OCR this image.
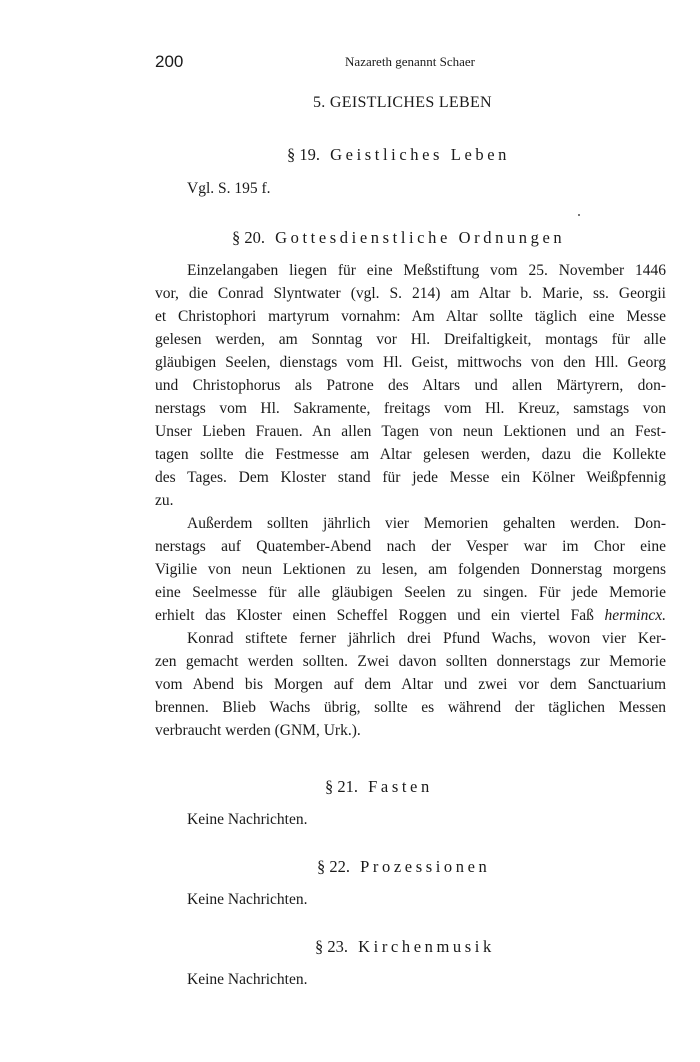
200	Nazareth genannt Schaer
5. GEISTLICHES LEBEN
§ 19. Geistliches Leben
Vgl. S. 195 f.
§ 20. Gottesdienstliche Ordnungen
Einzelangaben liegen für eine Meßstiftung vom 25. November 1446
vor, die Conrad Slyntwater (vgl. S. 214) am Altar b. Marie, ss. Georgii
et Christophori martyrum vornahm: Am Altar sollte täglich eine Messe
gelesen werden, am Sonntag vor Hl. Dreifaltigkeit, montags für alle
gläubigen Seelen, dienstags vom Hl. Geist, mittwochs von den Hll. Georg
und Christophorus als Patrone des Altars und allen Märtyrern, don-
nerstags vom Hl. Sakramente, freitags vom Hl. Kreuz, samstags von
Unser Lieben Frauen. An allen Tagen von neun Lektionen und an Fest-
tagen sollte die Festmesse am Altar gelesen werden, dazu die Kollekte
des Tages. Dem Kloster stand für jede Messe ein Kölner Weißpfennig
zu.
Außerdem sollten jährlich vier Memorien gehalten werden. Don-
nerstags auf Quatember-Abend nach der Vesper war im Chor eine
Vigilie von neun Lektionen zu lesen, am folgenden Donnerstag morgens
eine Seelmesse für alle gläubigen Seelen zu singen. Für jede Memorie
erhielt das Kloster einen Scheffel Roggen und ein viertel Faß hermincx.
Konrad stiftete ferner jährlich drei Pfund Wachs, wovon vier Ker-
zen gemacht werden sollten. Zwei davon sollten donnerstags zur Memorie
vom Abend bis Morgen auf dem Altar und zwei vor dem Sanctuarium
brennen. Blieb Wachs übrig, sollte es während der täglichen Messen
verbraucht werden (GNM, Urk.).
§ 21. Fasten
Keine Nachrichten.
§ 22. Prozessionen
Keine Nachrichten.
§ 23. Kirchenmusik
Keine Nachrichten.
